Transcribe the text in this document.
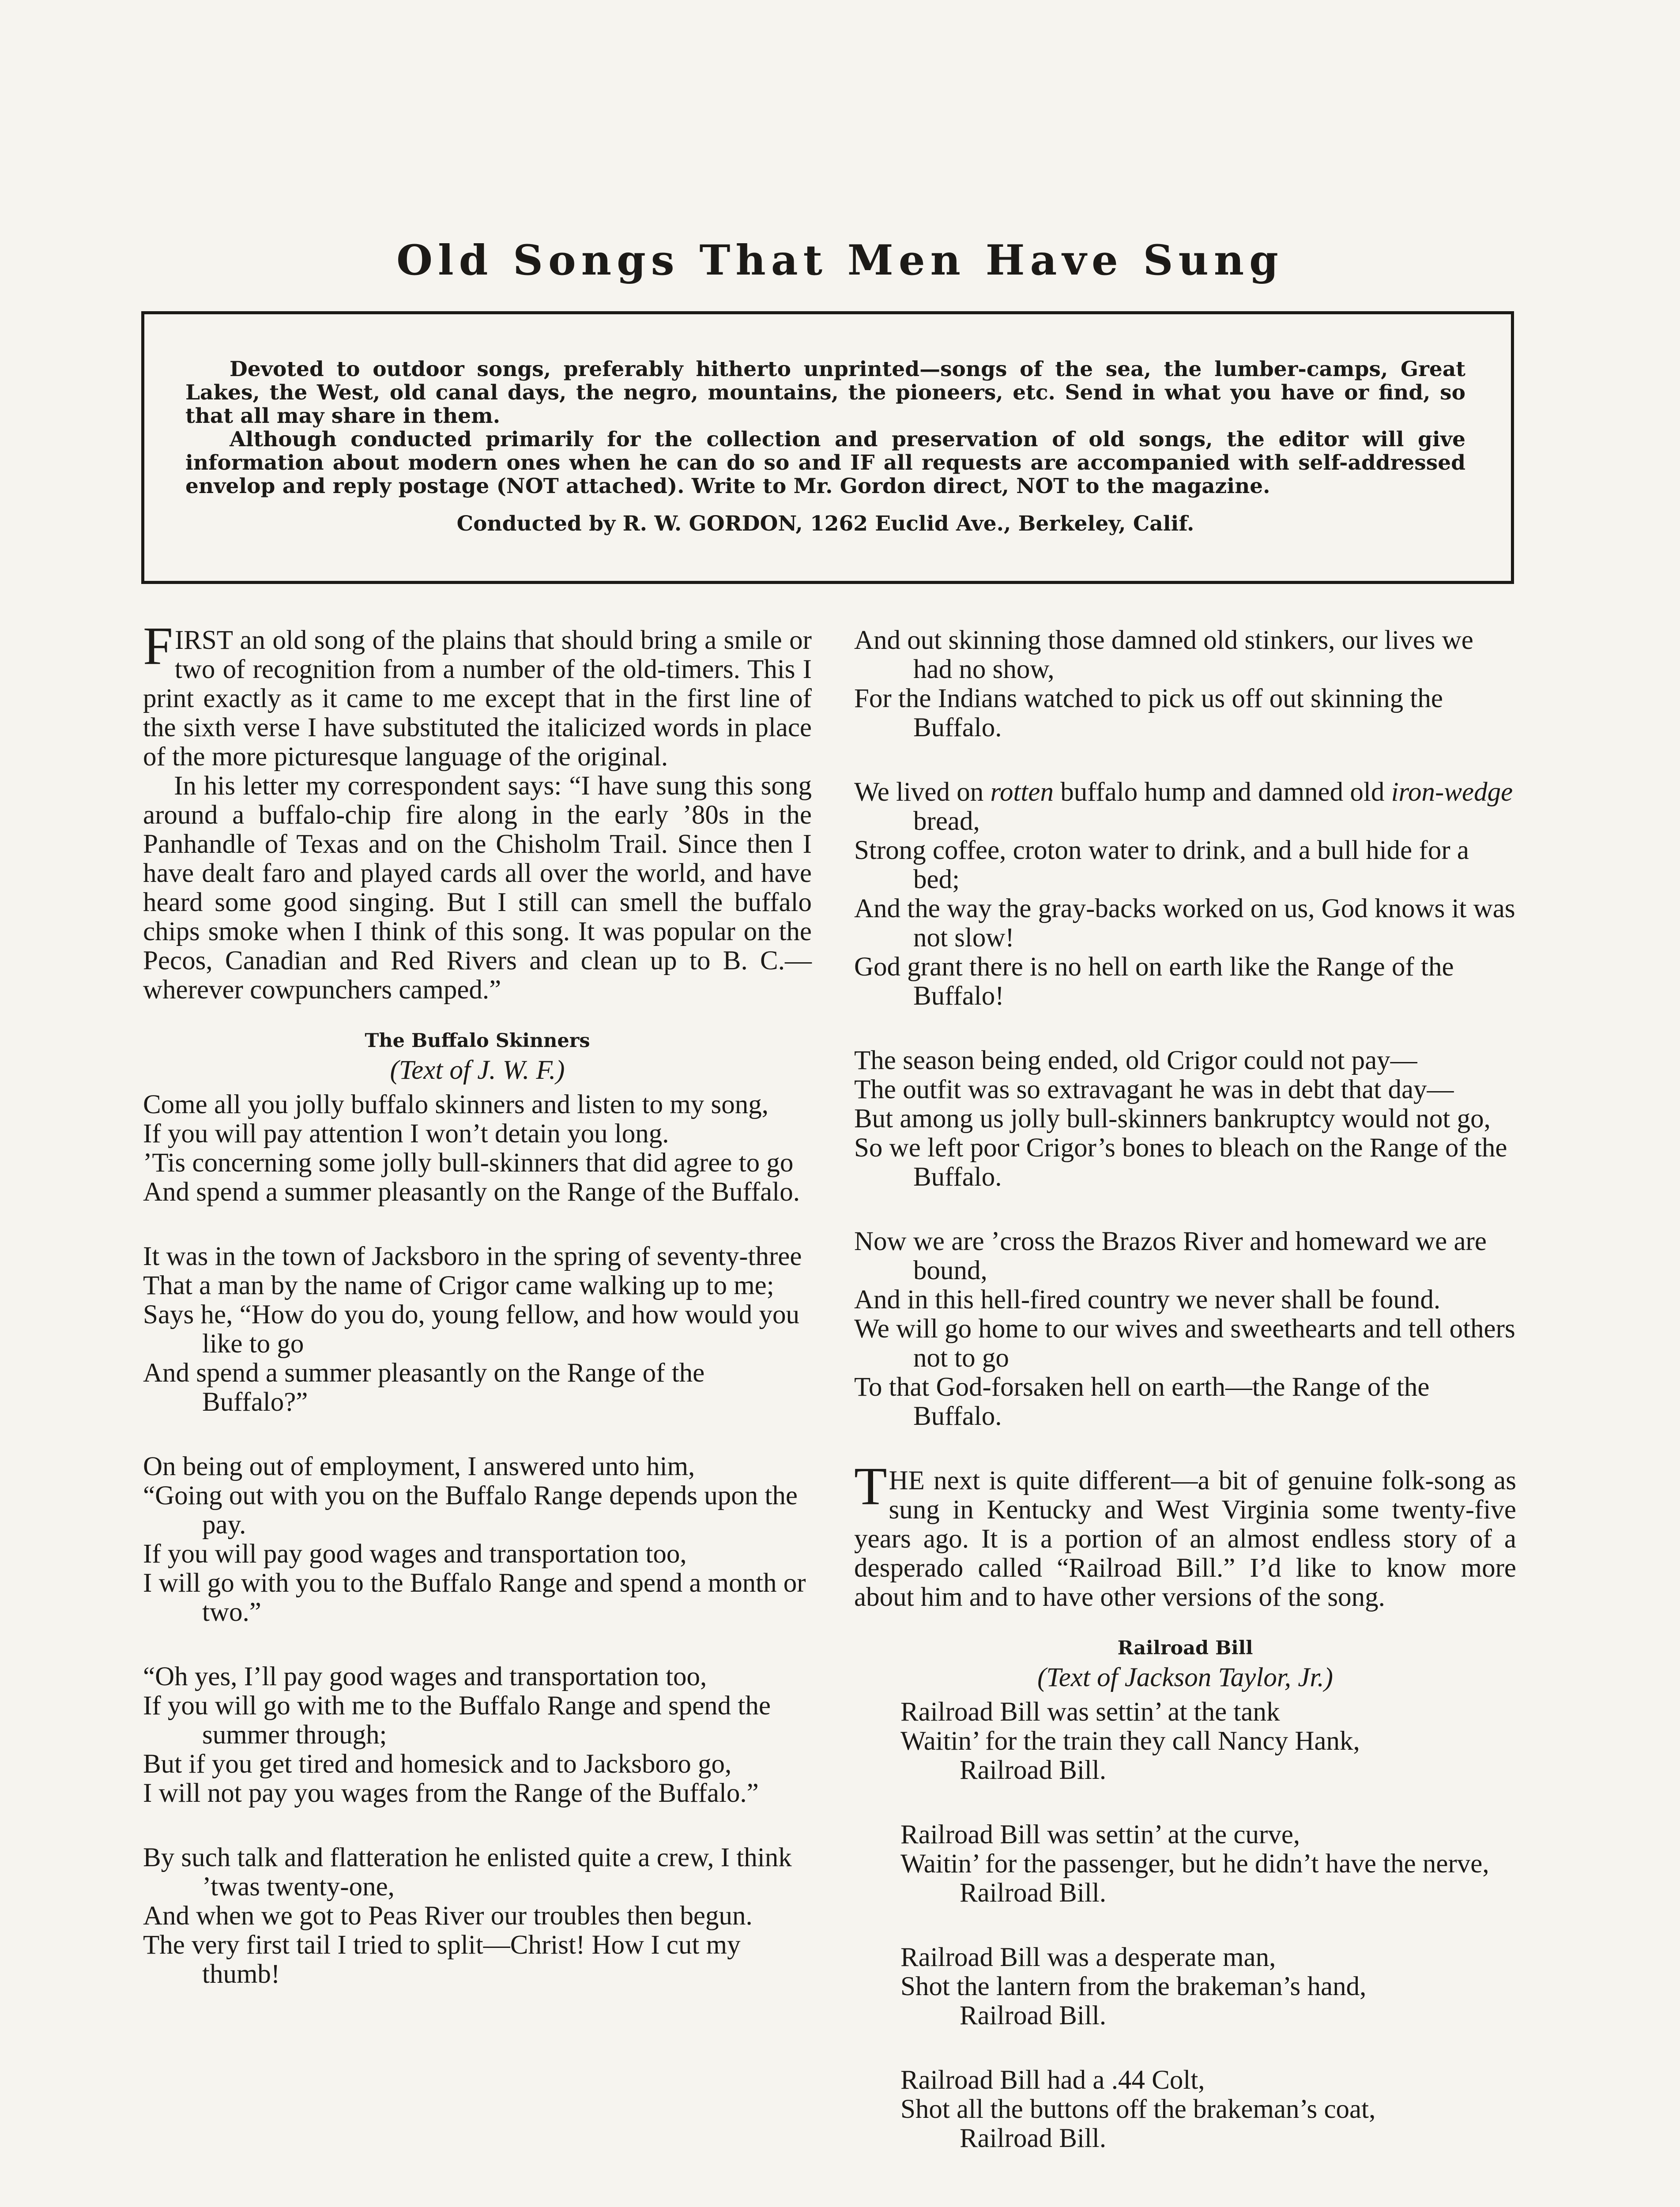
Old Songs That Men Have Sung

Devoted to outdoor songs, preferably hitherto unprinted—songs of the sea, the lumber-camps, Great Lakes, the West, old canal days, the negro, mountains, the pioneers, etc. Send in what you have or find, so that all may share in them.

Although conducted primarily for the collection and preservation of old songs, the editor will give information about modern ones when he can do so and IF all requests are accompanied with self-addressed envelop and reply postage (NOT attached). Write to Mr. Gordon direct, NOT to the magazine.

Conducted by R. W. GORDON, 1262 Euclid Ave., Berkeley, Calif.

FIRST an old song of the plains that should bring a smile or two of recognition from a number of the old-timers. This I print exactly as it came to me except that in the first line of the sixth verse I have substituted the italicized words in place of the more picturesque language of the original.

In his letter my correspondent says: “I have sung this song around a buffalo-chip fire along in the early ’80s in the Panhandle of Texas and on the Chisholm Trail. Since then I have dealt faro and played cards all over the world, and have heard some good singing. But I still can smell the buffalo chips smoke when I think of this song. It was popular on the Pecos, Canadian and Red Rivers and clean up to B. C.—wherever cowpunchers camped.”

The Buffalo Skinners
(Text of J. W. F.)
Come all you jolly buffalo skinners and listen to my song,
If you will pay attention I won’t detain you long.
’Tis concerning some jolly bull-skinners that did agree to go
And spend a summer pleasantly on the Range of the Buffalo.
It was in the town of Jacksboro in the spring of seventy-three
That a man by the name of Crigor came walking up to me;
Says he, “How do you do, young fellow, and how would you like to go
And spend a summer pleasantly on the Range of the Buffalo?”
On being out of employment, I answered unto him,
“Going out with you on the Buffalo Range depends upon the pay.
If you will pay good wages and transportation too,
I will go with you to the Buffalo Range and spend a month or two.”
“Oh yes, I’ll pay good wages and transportation too,
If you will go with me to the Buffalo Range and spend the summer through;
But if you get tired and homesick and to Jacksboro go,
I will not pay you wages from the Range of the Buffalo.”
By such talk and flatteration he enlisted quite a crew, I think ’twas twenty-one,
And when we got to Peas River our troubles then begun.
The very first tail I tried to split—Christ! How I cut my thumb!
And out skinning those damned old stinkers, our lives we had no show,
For the Indians watched to pick us off out skinning the Buffalo.
We lived on rotten buffalo hump and damned old iron-wedge bread,
Strong coffee, croton water to drink, and a bull hide for a bed;
And the way the gray-backs worked on us, God knows it was not slow!
God grant there is no hell on earth like the Range of the Buffalo!
The season being ended, old Crigor could not pay—
The outfit was so extravagant he was in debt that day—
But among us jolly bull-skinners bankruptcy would not go,
So we left poor Crigor’s bones to bleach on the Range of the Buffalo.
Now we are ’cross the Brazos River and homeward we are bound,
And in this hell-fired country we never shall be found.
We will go home to our wives and sweethearts and tell others not to go
To that God-forsaken hell on earth—the Range of the Buffalo.

THE next is quite different—a bit of genuine folk-song as sung in Kentucky and West Virginia some twenty-five years ago. It is a portion of an almost endless story of a desperado called “Railroad Bill.” I’d like to know more about him and to have other versions of the song.

Railroad Bill
(Text of Jackson Taylor, Jr.)
Railroad Bill was settin’ at the tank
Waitin’ for the train they call Nancy Hank,
Railroad Bill.
Railroad Bill was settin’ at the curve,
Waitin’ for the passenger, but he didn’t have the nerve,
Railroad Bill.
Railroad Bill was a desperate man,
Shot the lantern from the brakeman’s hand,
Railroad Bill.
Railroad Bill had a .44 Colt,
Shot all the buttons off the brakeman’s coat,
Railroad Bill.
